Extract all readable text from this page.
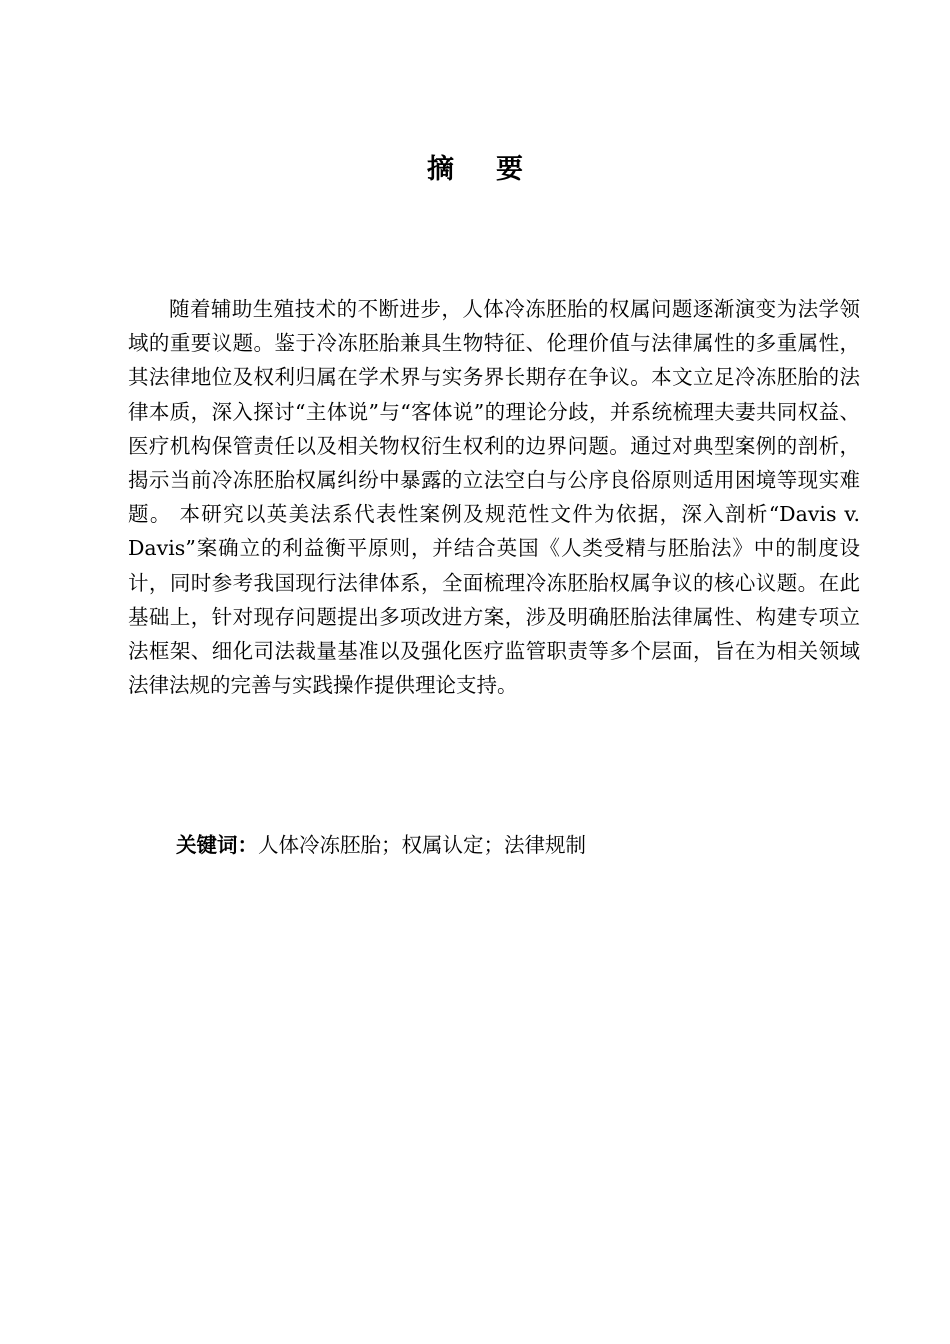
摘要

随着辅助生殖技术的不断进步，人体冷冻胚胎的权属问题逐渐演变为法学领域的重要议题。鉴于冷冻胚胎兼具生物特征、伦理价值与法律属性的多重属性，其法律地位及权利归属在学术界与实务界长期存在争议。本文立足冷冻胚胎的法律本质，深入探讨“主体说”与“客体说”的理论分歧，并系统梳理夫妻共同权益、医疗机构保管责任以及相关物权衍生权利的边界问题。通过对典型案例的剖析，揭示当前冷冻胚胎权属纠纷中暴露的立法空白与公序良俗原则适用困境等现实难题。 本研究以英美法系代表性案例及规范性文件为依据，深入剖析“Davis v. Davis”案确立的利益衡平原则，并结合英国《人类受精与胚胎法》中的制度设计，同时参考我国现行法律体系，全面梳理冷冻胚胎权属争议的核心议题。在此基础上，针对现存问题提出多项改进方案，涉及明确胚胎法律属性、构建专项立法框架、细化司法裁量基准以及强化医疗监管职责等多个层面，旨在为相关领域法律法规的完善与实践操作提供理论支持。

关键词：人体冷冻胚胎；权属认定；法律规制
